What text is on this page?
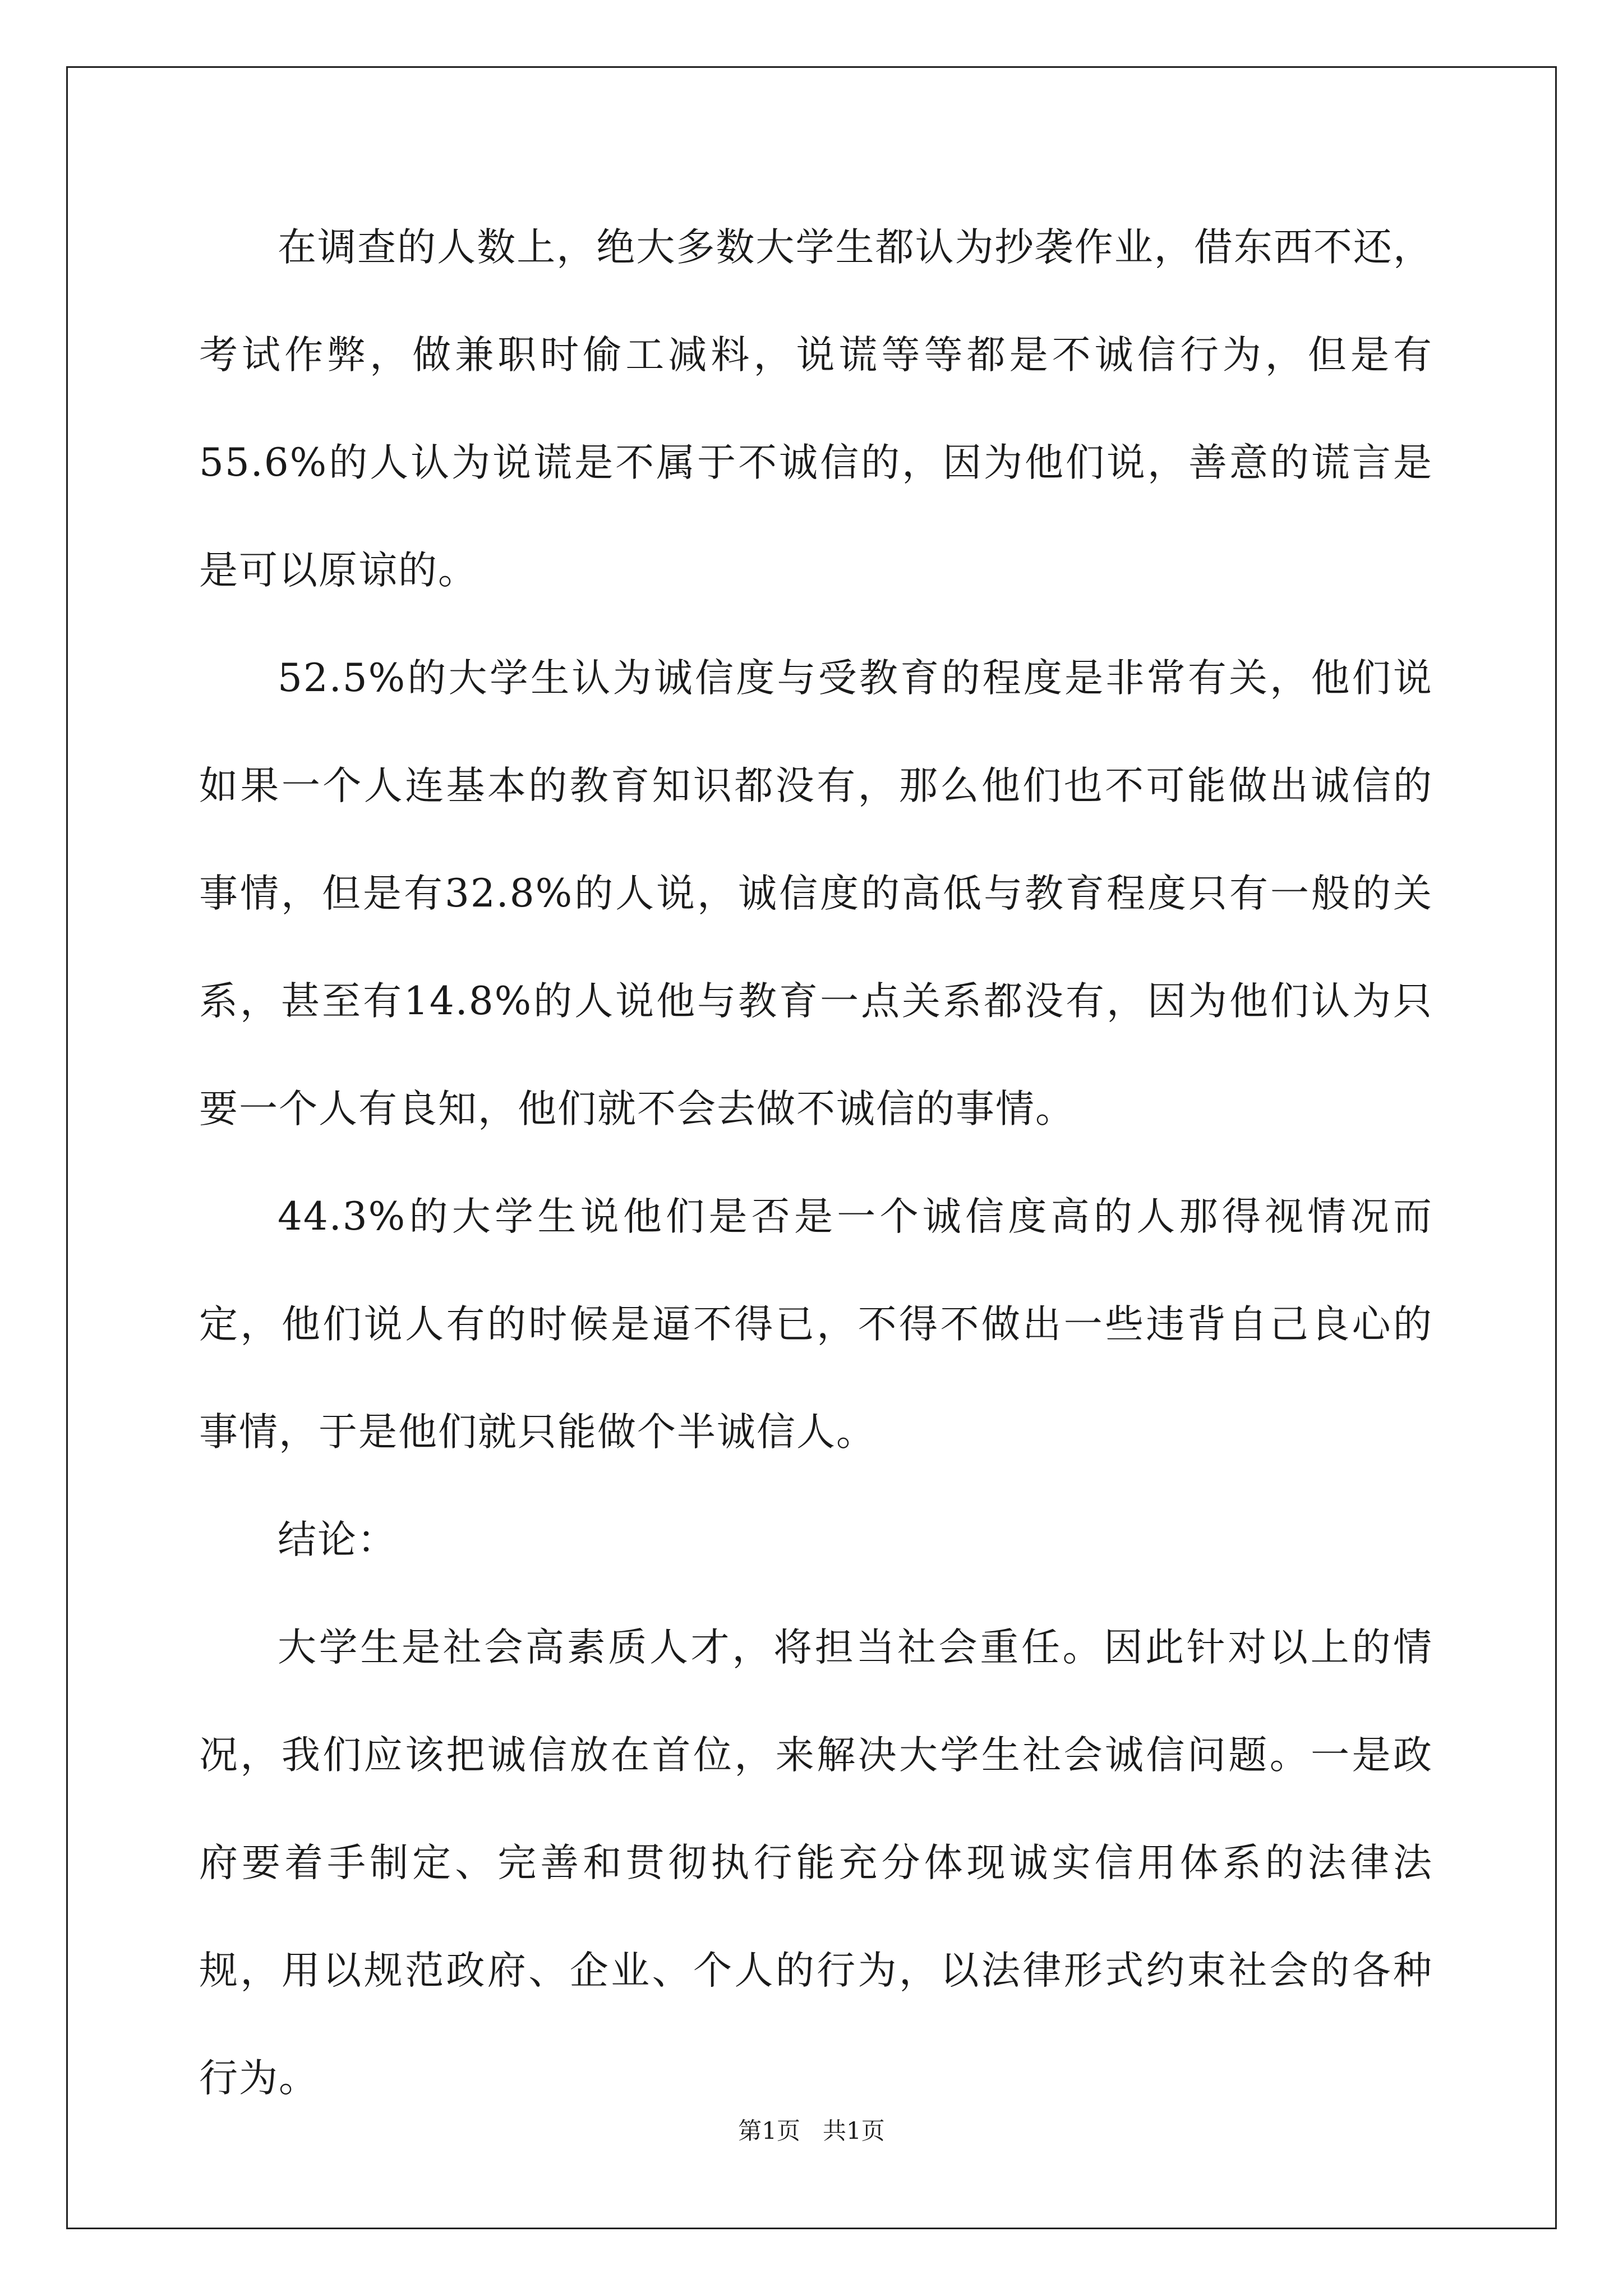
在调查的人数上，绝大多数大学生都认为抄袭作业，借东西不还，考试作弊，做兼职时偷工减料，说谎等等都是不诚信行为，但是有55.6%的人认为说谎是不属于不诚信的，因为他们说，善意的谎言是是可以原谅的。

52.5%的大学生认为诚信度与受教育的程度是非常有关，他们说如果一个人连基本的教育知识都没有，那么他们也不可能做出诚信的事情，但是有32.8%的人说，诚信度的高低与教育程度只有一般的关系，甚至有14.8%的人说他与教育一点关系都没有，因为他们认为只要一个人有良知，他们就不会去做不诚信的事情。

44.3%的大学生说他们是否是一个诚信度高的人那得视情况而定，他们说人有的时候是逼不得已，不得不做出一些违背自己良心的事情，于是他们就只能做个半诚信人。

结论：

大学生是社会高素质人才，将担当社会重任。因此针对以上的情况，我们应该把诚信放在首位，来解决大学生社会诚信问题。一是政府要着手制定、完善和贯彻执行能充分体现诚实信用体系的法律法规，用以规范政府、企业、个人的行为，以法律形式约束社会的各种行为。

第1页   共1页
